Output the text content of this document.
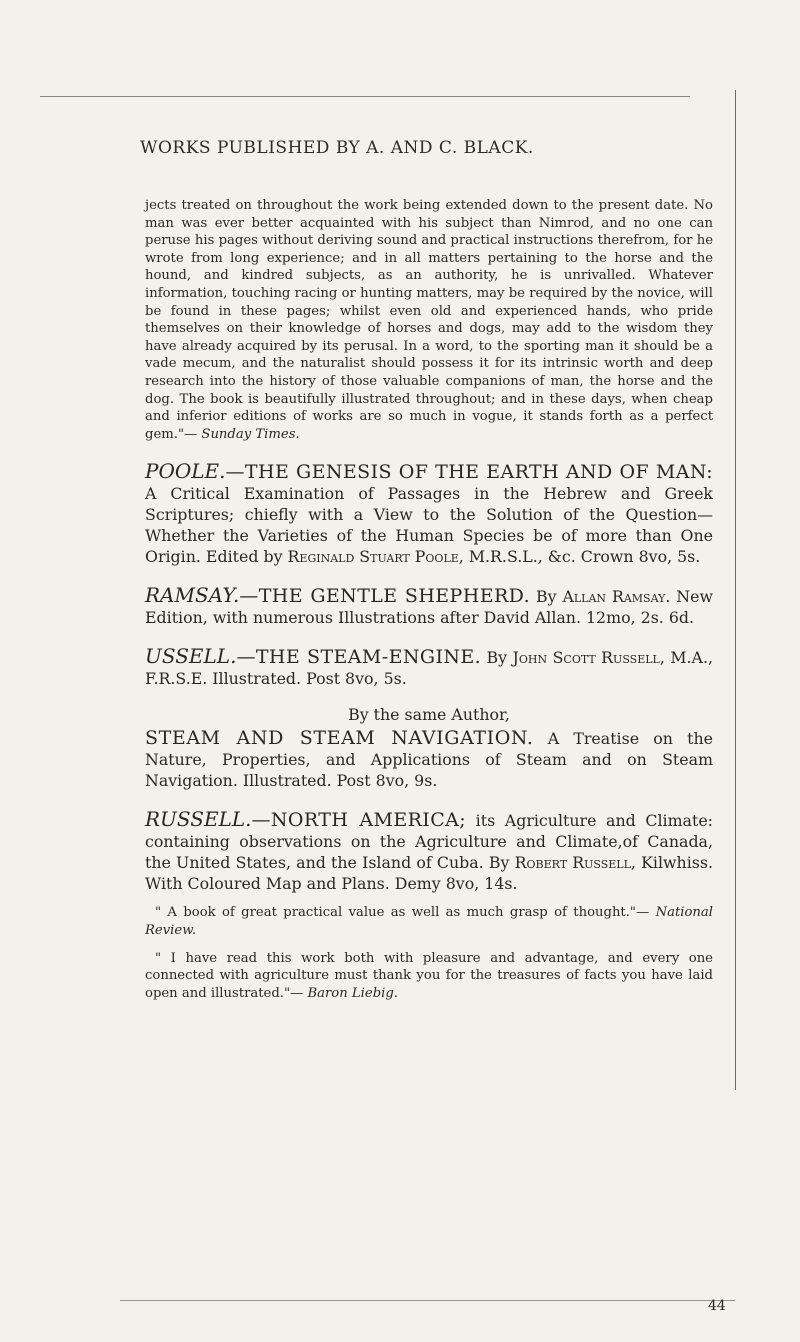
WORKS PUBLISHED BY A. AND C. BLACK.

jects treated on throughout the work being extended down to the present date. No man was ever better acquainted with his subject than Nimrod, and no one can peruse his pages without deriving sound and practical instructions therefrom, for he wrote from long experience; and in all matters pertaining to the horse and the hound, and kindred subjects, as an authority, he is unrivalled. Whatever information, touching racing or hunting matters, may be required by the novice, will be found in these pages; whilst even old and experienced hands, who pride themselves on their knowledge of horses and dogs, may add to the wisdom they have already acquired by its perusal. In a word, to the sporting man it should be a vade mecum, and the naturalist should possess it for its intrinsic worth and deep research into the history of those valuable companions of man, the horse and the dog. The book is beautifully illustrated throughout; and in these days, when cheap and inferior editions of works are so much in vogue, it stands forth as a perfect gem."— Sunday Times.

POOLE.—THE GENESIS OF THE EARTH AND OF MAN: A Critical Examination of Passages in the Hebrew and Greek Scriptures; chiefly with a View to the Solution of the Question—Whether the Varieties of the Human Species be of more than One Origin. Edited by Reginald Stuart Poole, M.R.S.L., &c. Crown 8vo, 5s.

RAMSAY.—THE GENTLE SHEPHERD. By Allan Ramsay. New Edition, with numerous Illustrations after David Allan. 12mo, 2s. 6d.

USSELL.—THE STEAM-ENGINE. By John Scott Russell, M.A., F.R.S.E. Illustrated. Post 8vo, 5s.

By the same Author,

STEAM AND STEAM NAVIGATION. A Treatise on the Nature, Properties, and Applications of Steam and on Steam Navigation. Illustrated. Post 8vo, 9s.

RUSSELL.—NORTH AMERICA; its Agriculture and Climate: containing observations on the Agriculture and Climate,of Canada, the United States, and the Island of Cuba. By Robert Russell, Kilwhiss. With Coloured Map and Plans. Demy 8vo, 14s.

" A book of great practical value as well as much grasp of thought."— National Review.

" I have read this work both with pleasure and advantage, and every one connected with agriculture must thank you for the treasures of facts you have laid open and illustrated."— Baron Liebig.

44
